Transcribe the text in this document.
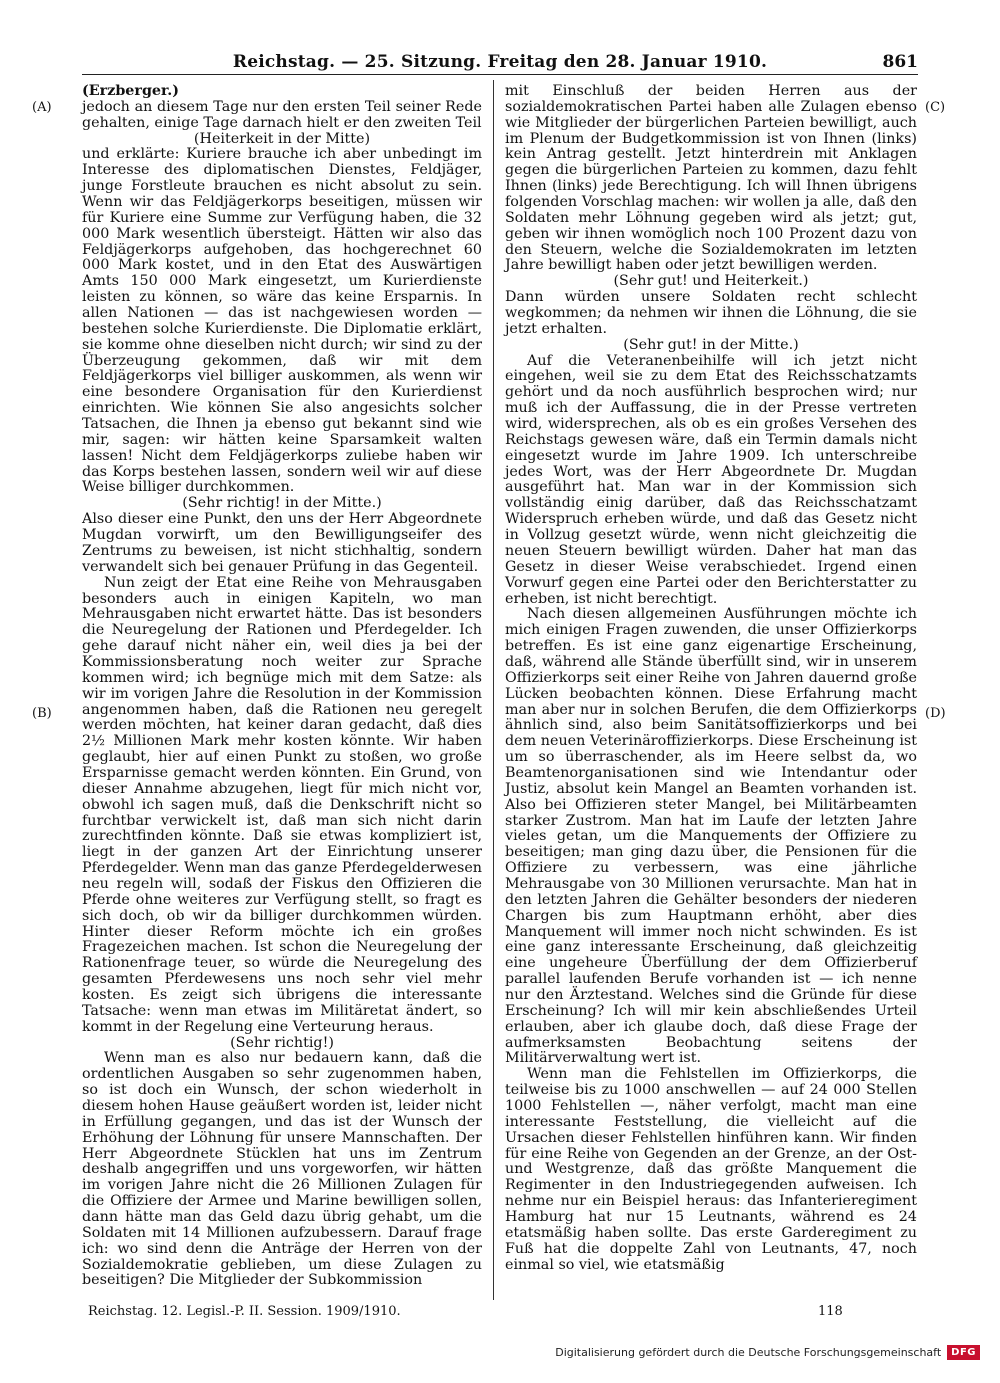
Reichstag. — 25. Sitzung. Freitag den 28. Januar 1910.	861
(A)
(B)
(C)
(D)

(Erzberger.)

jedoch an diesem Tage nur den ersten Teil seiner Rede gehalten, einige Tage darnach hielt er den zweiten Teil

(Heiterkeit in der Mitte)

und erklärte: Kuriere brauche ich aber unbedingt im Interesse des diplomatischen Dienstes, Feldjäger, junge Forstleute brauchen es nicht absolut zu sein. Wenn wir das Feldjägerkorps beseitigen, müssen wir für Kuriere eine Summe zur Verfügung haben, die 32 000 Mark wesentlich übersteigt. Hätten wir also das Feldjägerkorps aufgehoben, das hochgerechnet 60 000 Mark kostet, und in den Etat des Auswärtigen Amts 150 000 Mark eingesetzt, um Kurierdienste leisten zu können, so wäre das keine Ersparnis. In allen Nationen — das ist nachgewiesen worden — bestehen solche Kurierdienste. Die Diplomatie erklärt, sie komme ohne dieselben nicht durch; wir sind zu der Überzeugung gekommen, daß wir mit dem Feldjägerkorps viel billiger auskommen, als wenn wir eine besondere Organisation für den Kurierdienst einrichten. Wie können Sie also angesichts solcher Tatsachen, die Ihnen ja ebenso gut bekannt sind wie mir, sagen: wir hätten keine Sparsamkeit walten lassen! Nicht dem Feldjägerkorps zuliebe haben wir das Korps bestehen lassen, sondern weil wir auf diese Weise billiger durchkommen.

(Sehr richtig! in der Mitte.)

Also dieser eine Punkt, den uns der Herr Abgeordnete Mugdan vorwirft, um den Bewilligungseifer des Zentrums zu beweisen, ist nicht stichhaltig, sondern verwandelt sich bei genauer Prüfung in das Gegenteil.

Nun zeigt der Etat eine Reihe von Mehrausgaben besonders auch in einigen Kapiteln, wo man Mehrausgaben nicht erwartet hätte. Das ist besonders die Neuregelung der Rationen und Pferdegelder. Ich gehe darauf nicht näher ein, weil dies ja bei der Kommissionsberatung noch weiter zur Sprache kommen wird; ich begnüge mich mit dem Satze: als wir im vorigen Jahre die Resolution in der Kommission angenommen haben, daß die Rationen neu geregelt werden möchten, hat keiner daran gedacht, daß dies 2½ Millionen Mark mehr kosten könnte. Wir haben geglaubt, hier auf einen Punkt zu stoßen, wo große Ersparnisse gemacht werden könnten. Ein Grund, von dieser Annahme abzugehen, liegt für mich nicht vor, obwohl ich sagen muß, daß die Denkschrift nicht so furchtbar verwickelt ist, daß man sich nicht darin zurechtfinden könnte. Daß sie etwas kompliziert ist, liegt in der ganzen Art der Einrichtung unserer Pferdegelder. Wenn man das ganze Pferdegelderwesen neu regeln will, sodaß der Fiskus den Offizieren die Pferde ohne weiteres zur Verfügung stellt, so fragt es sich doch, ob wir da billiger durchkommen würden. Hinter dieser Reform möchte ich ein großes Fragezeichen machen. Ist schon die Neuregelung der Rationenfrage teuer, so würde die Neuregelung des gesamten Pferdewesens uns noch sehr viel mehr kosten. Es zeigt sich übrigens die interessante Tatsache: wenn man etwas im Militäretat ändert, so kommt in der Regelung eine Verteurung heraus.

(Sehr richtig!)

Wenn man es also nur bedauern kann, daß die ordentlichen Ausgaben so sehr zugenommen haben, so ist doch ein Wunsch, der schon wiederholt in diesem hohen Hause geäußert worden ist, leider nicht in Erfüllung gegangen, und das ist der Wunsch der Erhöhung der Löhnung für unsere Mannschaften. Der Herr Abgeordnete Stücklen hat uns im Zentrum deshalb angegriffen und uns vorgeworfen, wir hätten im vorigen Jahre nicht die 26 Millionen Zulagen für die Offiziere der Armee und Marine bewilligen sollen, dann hätte man das Geld dazu übrig gehabt, um die Soldaten mit 14 Millionen aufzubessern. Darauf frage ich: wo sind denn die Anträge der Herren von der Sozialdemokratie geblieben, um diese Zulagen zu beseitigen? Die Mitglieder der Subkommission

mit Einschluß der beiden Herren aus der sozialdemokratischen Partei haben alle Zulagen ebenso wie Mitglieder der bürgerlichen Parteien bewilligt, auch im Plenum der Budgetkommission ist von Ihnen (links) kein Antrag gestellt. Jetzt hinterdrein mit Anklagen gegen die bürgerlichen Parteien zu kommen, dazu fehlt Ihnen (links) jede Berechtigung. Ich will Ihnen übrigens folgenden Vorschlag machen: wir wollen ja alle, daß den Soldaten mehr Löhnung gegeben wird als jetzt; gut, geben wir ihnen womöglich noch 100 Prozent dazu von den Steuern, welche die Sozialdemokraten im letzten Jahre bewilligt haben oder jetzt bewilligen werden.

(Sehr gut! und Heiterkeit.)

Dann würden unsere Soldaten recht schlecht wegkommen; da nehmen wir ihnen die Löhnung, die sie jetzt erhalten.

(Sehr gut! in der Mitte.)

Auf die Veteranenbeihilfe will ich jetzt nicht eingehen, weil sie zu dem Etat des Reichsschatzamts gehört und da noch ausführlich besprochen wird; nur muß ich der Auffassung, die in der Presse vertreten wird, widersprechen, als ob es ein großes Versehen des Reichstags gewesen wäre, daß ein Termin damals nicht eingesetzt wurde im Jahre 1909. Ich unterschreibe jedes Wort, was der Herr Abgeordnete Dr. Mugdan ausgeführt hat. Man war in der Kommission sich vollständig einig darüber, daß das Reichsschatzamt Widerspruch erheben würde, und daß das Gesetz nicht in Vollzug gesetzt würde, wenn nicht gleichzeitig die neuen Steuern bewilligt würden. Daher hat man das Gesetz in dieser Weise verabschiedet. Irgend einen Vorwurf gegen eine Partei oder den Berichterstatter zu erheben, ist nicht berechtigt.

Nach diesen allgemeinen Ausführungen möchte ich mich einigen Fragen zuwenden, die unser Offizierkorps betreffen. Es ist eine ganz eigenartige Erscheinung, daß, während alle Stände überfüllt sind, wir in unserem Offizierkorps seit einer Reihe von Jahren dauernd große Lücken beobachten können. Diese Erfahrung macht man aber nur in solchen Berufen, die dem Offizierkorps ähnlich sind, also beim Sanitätsoffizierkorps und bei dem neuen Veterinäroffizierkorps. Diese Erscheinung ist um so überraschender, als im Heere selbst da, wo Beamtenorganisationen sind wie Intendantur oder Justiz, absolut kein Mangel an Beamten vorhanden ist. Also bei Offizieren steter Mangel, bei Militärbeamten starker Zustrom. Man hat im Laufe der letzten Jahre vieles getan, um die Manquements der Offiziere zu beseitigen; man ging dazu über, die Pensionen für die Offiziere zu verbessern, was eine jährliche Mehrausgabe von 30 Millionen verursachte. Man hat in den letzten Jahren die Gehälter besonders der niederen Chargen bis zum Hauptmann erhöht, aber dies Manquement will immer noch nicht schwinden. Es ist eine ganz interessante Erscheinung, daß gleichzeitig eine ungeheure Überfüllung der dem Offizierberuf parallel laufenden Berufe vorhanden ist — ich nenne nur den Ärztestand. Welches sind die Gründe für diese Erscheinung? Ich will mir kein abschließendes Urteil erlauben, aber ich glaube doch, daß diese Frage der aufmerksamsten Beobachtung seitens der Militärverwaltung wert ist.

Wenn man die Fehlstellen im Offizierkorps, die teilweise bis zu 1000 anschwellen — auf 24 000 Stellen 1000 Fehlstellen —, näher verfolgt, macht man eine interessante Feststellung, die vielleicht auf die Ursachen dieser Fehlstellen hinführen kann. Wir finden für eine Reihe von Gegenden an der Grenze, an der Ost- und Westgrenze, daß das größte Manquement die Regimenter in den Industriegegenden aufweisen. Ich nehme nur ein Beispiel heraus: das Infanterieregiment Hamburg hat nur 15 Leutnants, während es 24 etatsmäßig haben sollte. Das erste Garderegiment zu Fuß hat die doppelte Zahl von Leutnants, 47, noch einmal so viel, wie etatsmäßig

Reichstag. 12. Legisl.-P. II. Session. 1909/1910.	118
Digitalisierung gefördert durch die Deutsche Forschungsgemeinschaft	DFG
